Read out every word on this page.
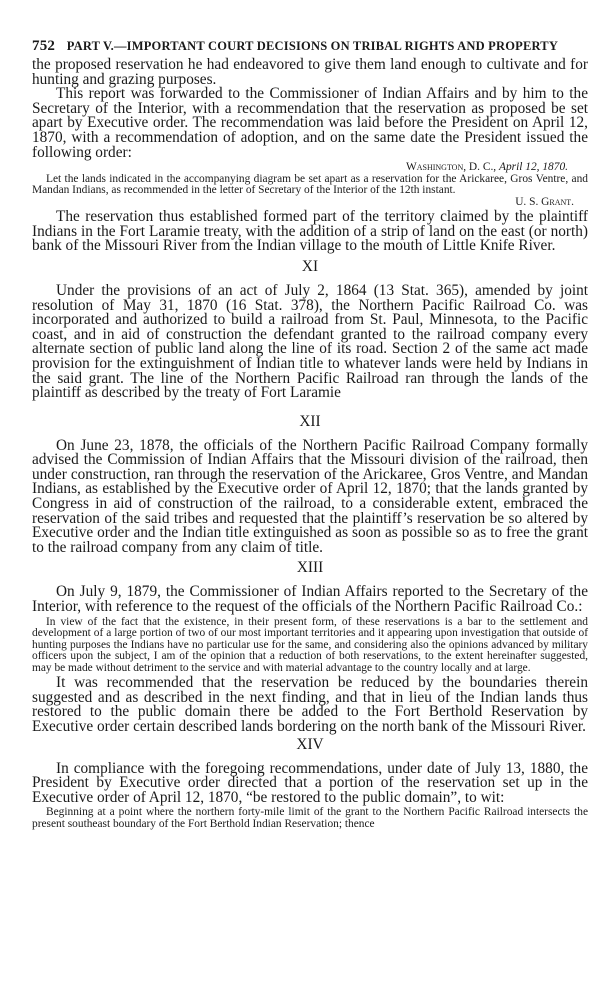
752 PART V.—IMPORTANT COURT DECISIONS ON TRIBAL RIGHTS AND PROPERTY

the proposed reservation he had endeavored to give them land enough to cultivate and for hunting and grazing purposes.

This report was forwarded to the Commissioner of Indian Affairs and by him to the Secretary of the Interior, with a recommendation that the reservation as proposed be set apart by Executive order. The recommendation was laid before the President on April 12, 1870, with a recommendation of adoption, and on the same date the President issued the following order:

Washington, D. C., April 12, 1870.

Let the lands indicated in the accompanying diagram be set apart as a reservation for the Arickaree, Gros Ventre, and Mandan Indians, as recommended in the letter of Secretary of the Interior of the 12th instant.

U. S. Grant.

The reservation thus established formed part of the territory claimed by the plaintiff Indians in the Fort Laramie treaty, with the addition of a strip of land on the east (or north) bank of the Missouri River from the Indian village to the mouth of Little Knife River.

XI

Under the provisions of an act of July 2, 1864 (13 Stat. 365), amended by joint resolution of May 31, 1870 (16 Stat. 378), the Northern Pacific Railroad Co. was incorporated and authorized to build a railroad from St. Paul, Minnesota, to the Pacific coast, and in aid of construction the defendant granted to the railroad company every alternate section of public land along the line of its road. Section 2 of the same act made provision for the extinguishment of Indian title to whatever lands were held by Indians in the said grant. The line of the Northern Pacific Railroad ran through the lands of the plaintiff as described by the treaty of Fort Laramie

XII

On June 23, 1878, the officials of the Northern Pacific Railroad Company formally advised the Commission of Indian Affairs that the Missouri division of the railroad, then under construction, ran through the reservation of the Arickaree, Gros Ventre, and Mandan Indians, as established by the Executive order of April 12, 1870; that the lands granted by Congress in aid of construction of the railroad, to a considerable extent, embraced the reservation of the said tribes and requested that the plaintiff’s reservation be so altered by Executive order and the Indian title extinguished as soon as possible so as to free the grant to the railroad company from any claim of title.

XIII

On July 9, 1879, the Commissioner of Indian Affairs reported to the Secretary of the Interior, with reference to the request of the officials of the Northern Pacific Railroad Co.:

In view of the fact that the existence, in their present form, of these reservations is a bar to the settlement and development of a large portion of two of our most important territories and it appearing upon investigation that outside of hunting purposes the Indians have no particular use for the same, and considering also the opinions advanced by military officers upon the subject, I am of the opinion that a reduction of both reservations, to the extent hereinafter suggested, may be made without detriment to the service and with material advantage to the country locally and at large.

It was recommended that the reservation be reduced by the boundaries therein suggested and as described in the next finding, and that in lieu of the Indian lands thus restored to the public domain there be added to the Fort Berthold Reservation by Executive order certain described lands bordering on the north bank of the Missouri River.

XIV

In compliance with the foregoing recommendations, under date of July 13, 1880, the President by Executive order directed that a portion of the reservation set up in the Executive order of April 12, 1870, “be restored to the public domain”, to wit:

Beginning at a point where the northern forty-mile limit of the grant to the Northern Pacific Railroad intersects the present southeast boundary of the Fort Berthold Indian Reservation; thence
